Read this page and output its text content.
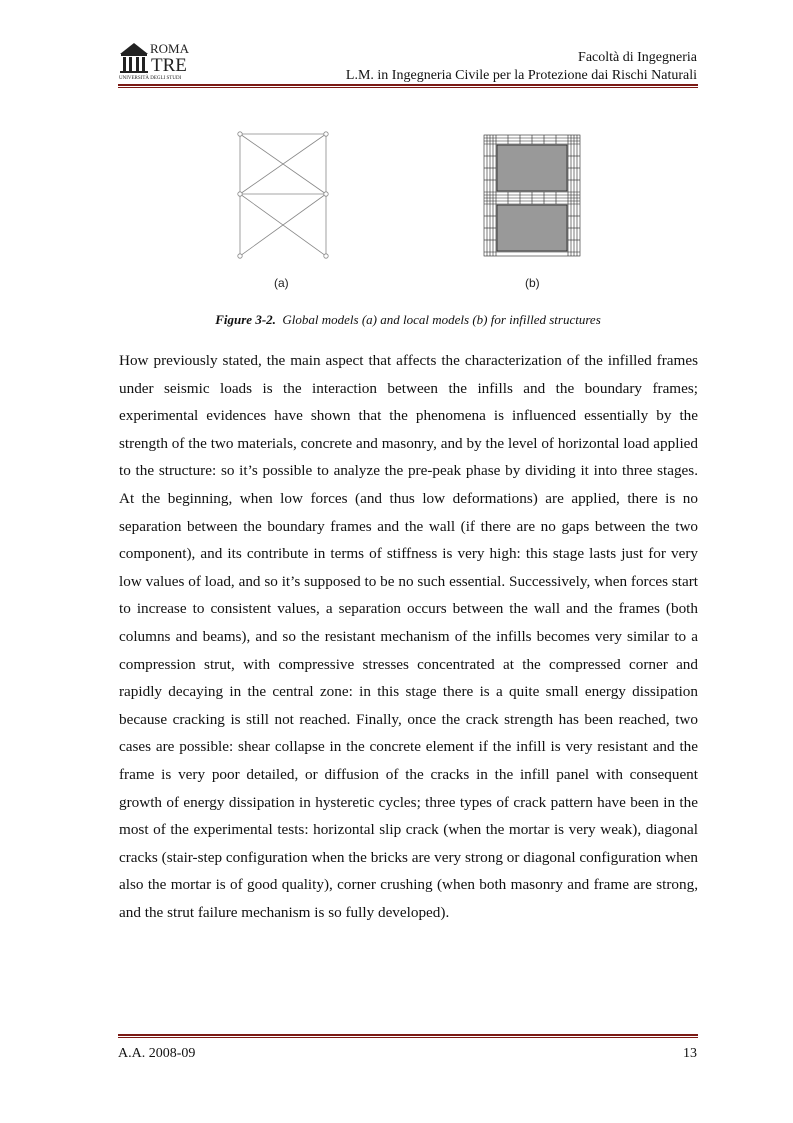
ROMA
TRE
UNIVERSITÀ DEGLI STUDI
Facoltà di Ingegneria
L.M. in Ingegneria Civile per la Protezione dai Rischi Naturali
(a)	(b)
Figure 3-2. Global models (a) and local models (b) for infilled structures
How previously stated, the main aspect that affects the characterization of the infilled frames under seismic loads is the interaction between the infills and the boundary frames; experimental evidences have shown that the phenomena is influenced essentially by the strength of the two materials, concrete and masonry, and by the level of horizontal load applied to the structure: so it’s possible to analyze the pre-peak phase by dividing it into three stages. At the beginning, when low forces (and thus low deformations) are applied, there is no separation between the boundary frames and the wall (if there are no gaps between the two component), and its contribute in terms of stiffness is very high: this stage lasts just for very low values of load, and so it’s supposed to be no such essential. Successively, when forces start to increase to consistent values, a separation occurs between the wall and the frames (both columns and beams), and so the resistant mechanism of the infills becomes very similar to a compression strut, with compressive stresses concentrated at the compressed corner and rapidly decaying in the central zone: in this stage there is a quite small energy dissipation because cracking is still not reached. Finally, once the crack strength has been reached, two cases are possible: shear collapse in the concrete element if the infill is very resistant and the frame is very poor detailed, or diffusion of the cracks in the infill panel with consequent growth of energy dissipation in hysteretic cycles; three types of crack pattern have been in the most of the experimental tests: horizontal slip crack (when the mortar is very weak), diagonal cracks (stair-step configuration when the bricks are very strong or diagonal configuration when also the mortar is of good quality), corner crushing (when both masonry and frame are strong, and the strut failure mechanism is so fully developed).
A.A. 2008-09	13
